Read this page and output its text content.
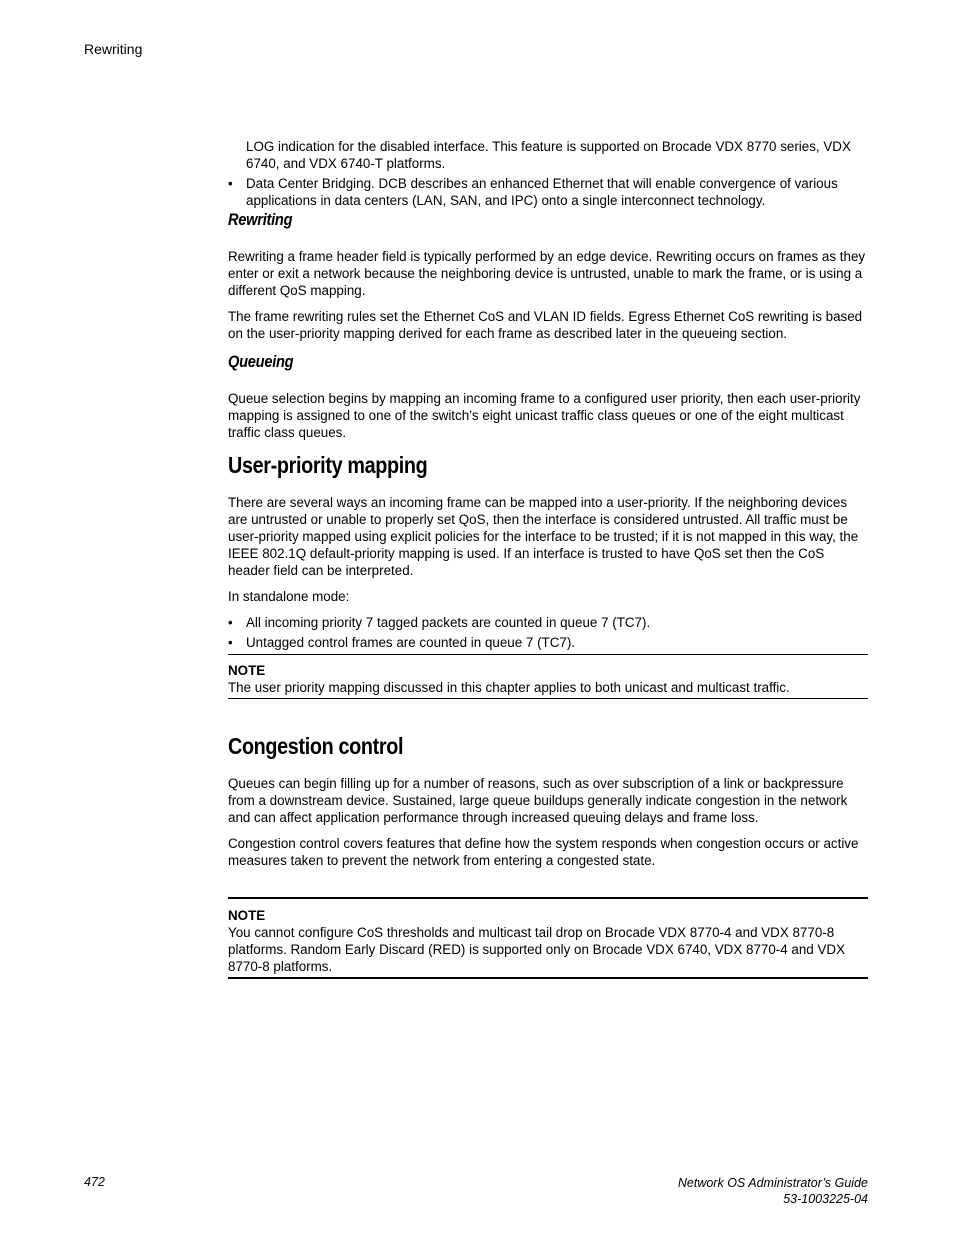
Rewriting

LOG indication for the disabled interface. This feature is supported on Brocade VDX 8770 series, VDX 6740, and VDX 6740-T platforms.

• Data Center Bridging. DCB describes an enhanced Ethernet that will enable convergence of various applications in data centers (LAN, SAN, and IPC) onto a single interconnect technology.
Rewriting

Rewriting a frame header field is typically performed by an edge device. Rewriting occurs on frames as they enter or exit a network because the neighboring device is untrusted, unable to mark the frame, or is using a different QoS mapping.

The frame rewriting rules set the Ethernet CoS and VLAN ID fields. Egress Ethernet CoS rewriting is based on the user-priority mapping derived for each frame as described later in the queueing section.

Queueing

Queue selection begins by mapping an incoming frame to a configured user priority, then each user-priority mapping is assigned to one of the switch’s eight unicast traffic class queues or one of the eight multicast traffic class queues.

User-priority mapping

There are several ways an incoming frame can be mapped into a user-priority. If the neighboring devices are untrusted or unable to properly set QoS, then the interface is considered untrusted. All traffic must be user-priority mapped using explicit policies for the interface to be trusted; if it is not mapped in this way, the IEEE 802.1Q default-priority mapping is used. If an interface is trusted to have QoS set then the CoS header field can be interpreted.

In standalone mode:

• All incoming priority 7 tagged packets are counted in queue 7 (TC7).
• Untagged control frames are counted in queue 7 (TC7).
NOTE
The user priority mapping discussed in this chapter applies to both unicast and multicast traffic.
Congestion control

Queues can begin filling up for a number of reasons, such as over subscription of a link or backpressure from a downstream device. Sustained, large queue buildups generally indicate congestion in the network and can affect application performance through increased queuing delays and frame loss.

Congestion control covers features that define how the system responds when congestion occurs or active measures taken to prevent the network from entering a congested state.

NOTE
You cannot configure CoS thresholds and multicast tail drop on Brocade VDX 8770-4 and VDX 8770-8 platforms. Random Early Discard (RED) is supported only on Brocade VDX 6740, VDX 8770-4 and VDX 8770-8 platforms.
472	Network OS Administrator’s Guide
53-1003225-04
